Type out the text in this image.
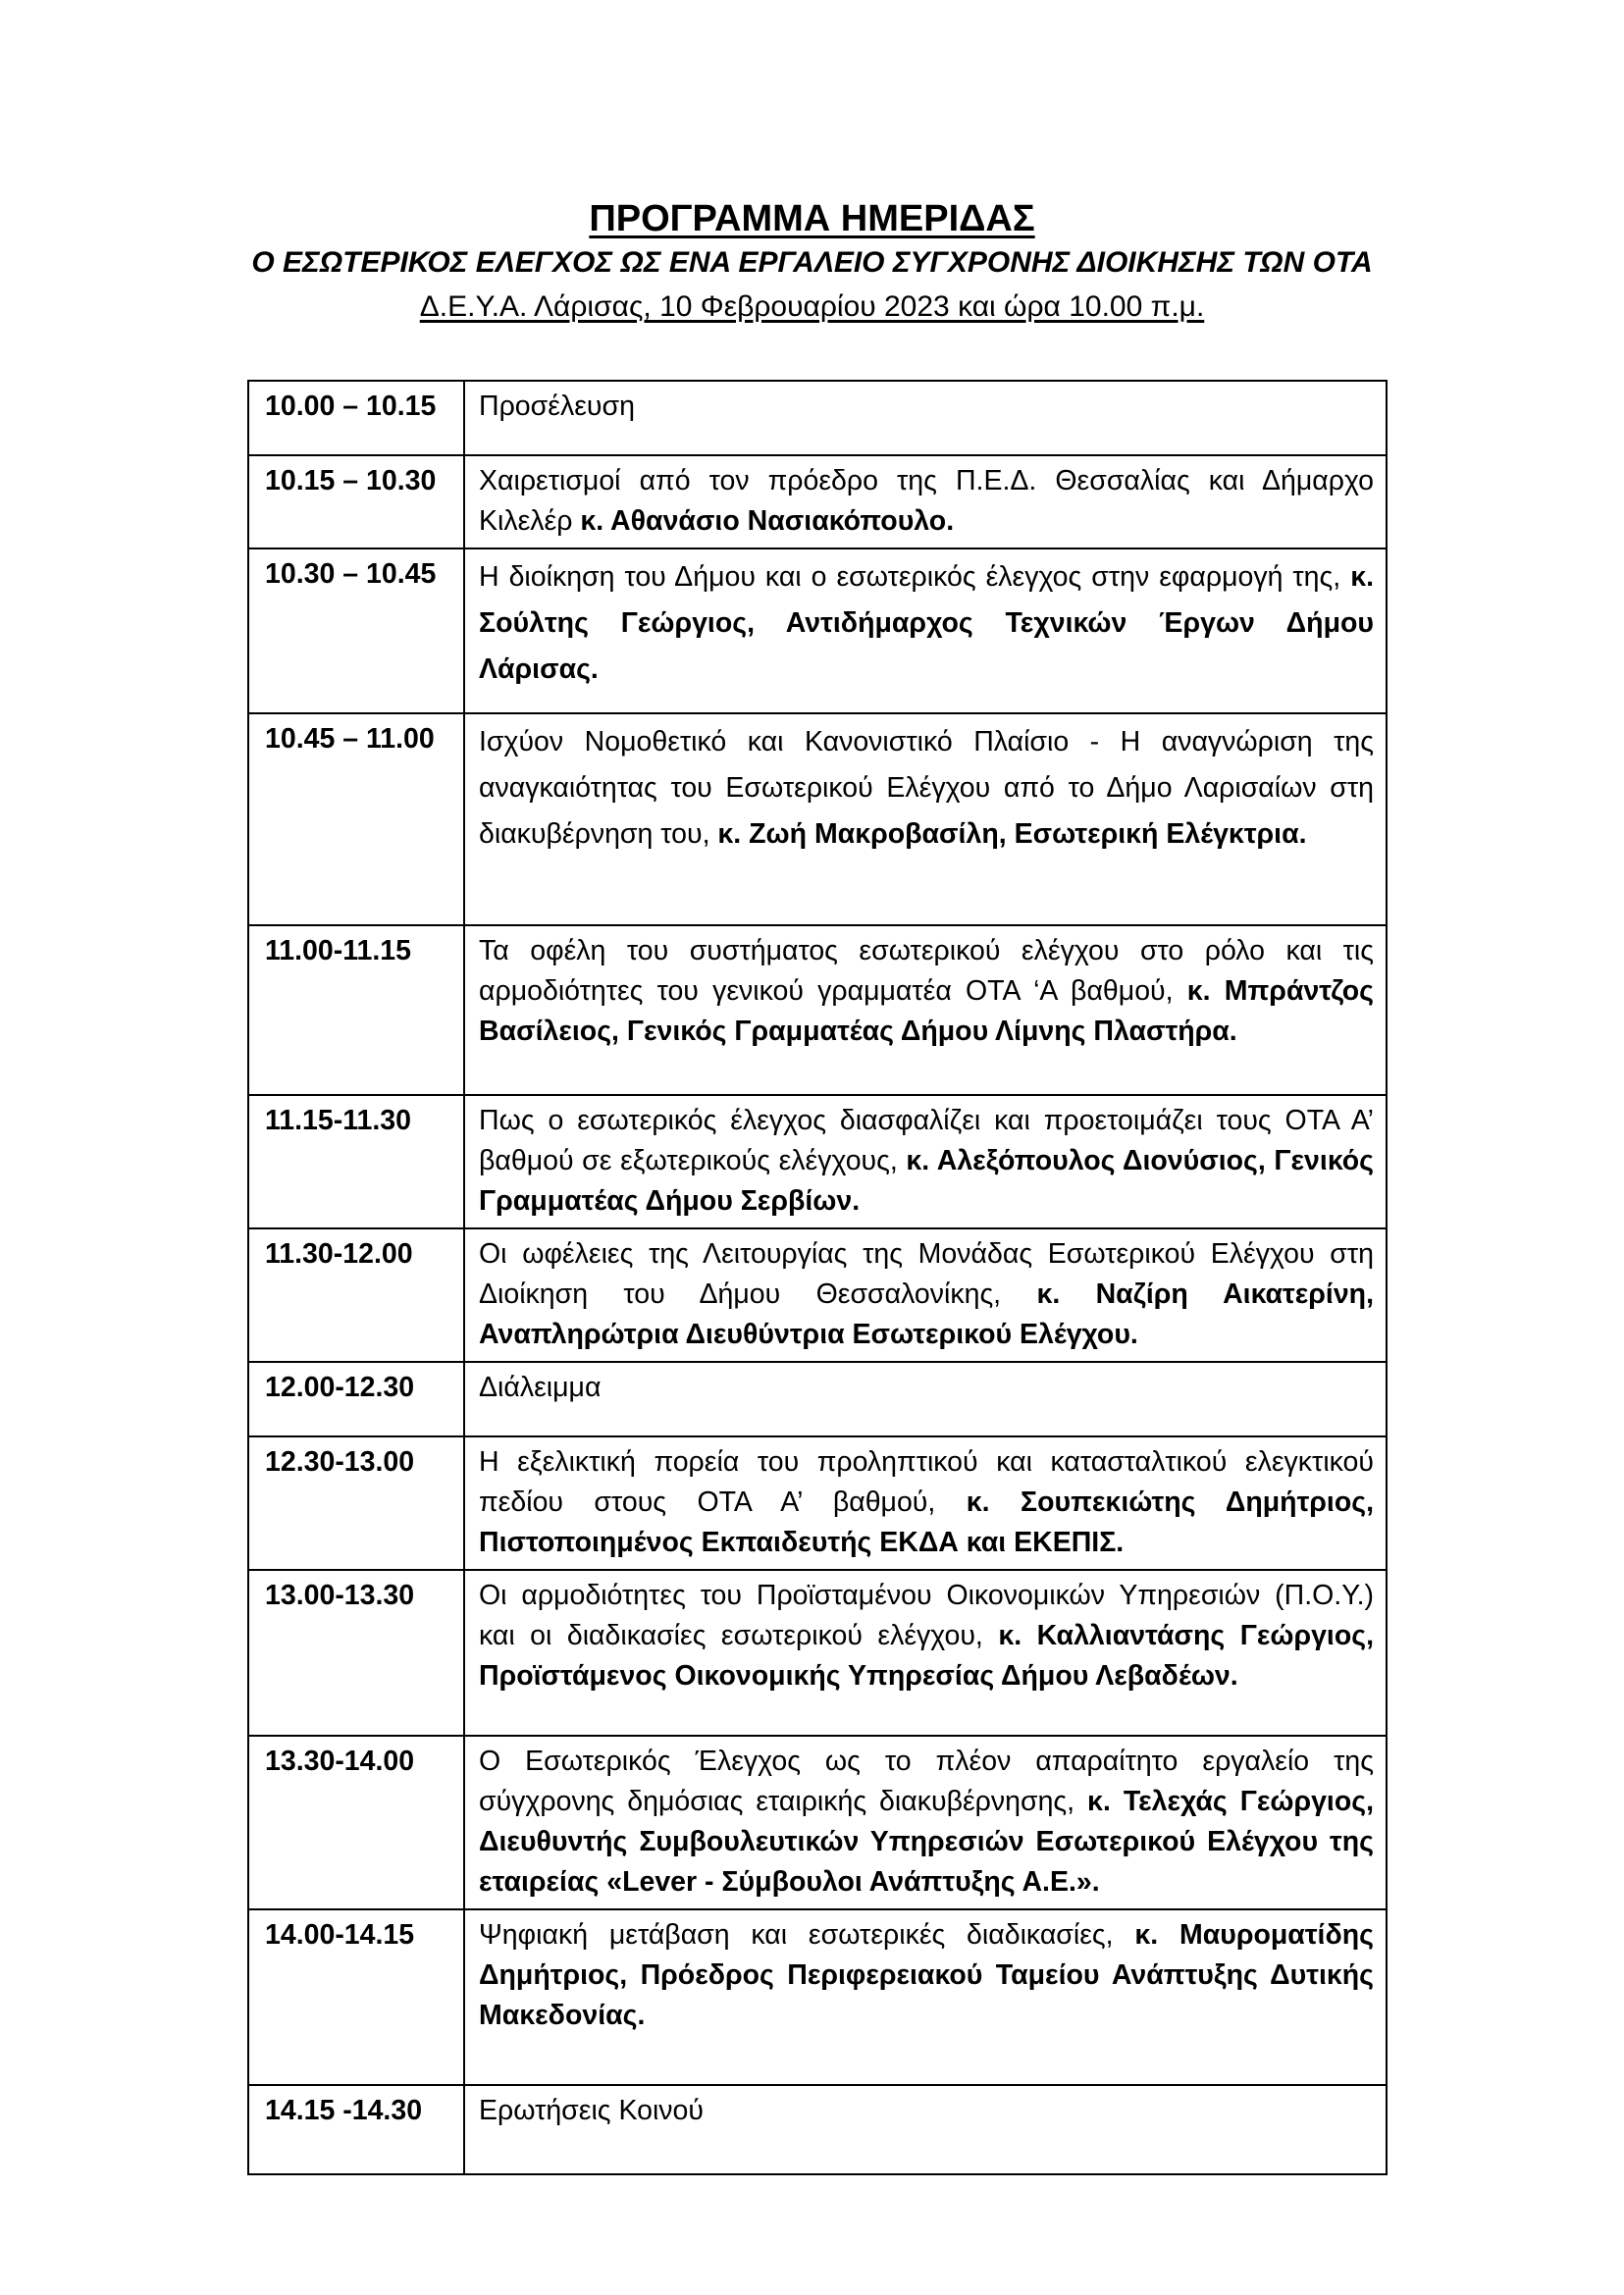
ΠΡΟΓΡΑΜΜΑ ΗΜΕΡΙΔΑΣ

Ο ΕΣΩΤΕΡΙΚΟΣ ΕΛΕΓΧΟΣ ΩΣ ΕΝΑ ΕΡΓΑΛΕΙΟ ΣΥΓΧΡΟΝΗΣ ΔΙΟΙΚΗΣΗΣ ΤΩΝ ΟΤΑ

Δ.Ε.Υ.Α. Λάρισας, 10 Φεβρουαρίου 2023 και ώρα 10.00 π.μ.

10.00 – 10.15	Προσέλευση
10.15 – 10.30	Χαιρετισμοί από τον πρόεδρο της Π.Ε.Δ. Θεσσαλίας και Δήμαρχο Κιλελέρ κ. Αθανάσιο Νασιακόπουλο.
10.30 – 10.45	Η διοίκηση του Δήμου και ο εσωτερικός έλεγχος στην εφαρμογή της, κ. Σούλτης Γεώργιος, Αντιδήμαρχος Τεχνικών Έργων Δήμου Λάρισας.
10.45 – 11.00	Ισχύον Νομοθετικό και Κανονιστικό Πλαίσιο - Η αναγνώριση της αναγκαιότητας του Εσωτερικού Ελέγχου από το Δήμο Λαρισαίων στη διακυβέρνηση του, κ. Ζωή Μακροβασίλη, Εσωτερική Ελέγκτρια.
11.00-11.15	Τα οφέλη του συστήματος εσωτερικού ελέγχου στο ρόλο και τις αρμοδιότητες του γενικού γραμματέα ΟΤΑ ‘Α βαθμού, κ. Μπράντζος Βασίλειος, Γενικός Γραμματέας Δήμου Λίμνης Πλαστήρα.
11.15-11.30	Πως ο εσωτερικός έλεγχος διασφαλίζει και προετοιμάζει τους ΟΤΑ Α’ βαθμού σε εξωτερικούς ελέγχους, κ. Αλεξόπουλος Διονύσιος, Γενικός Γραμματέας Δήμου Σερβίων.
11.30-12.00	Οι ωφέλειες της Λειτουργίας της Μονάδας Εσωτερικού Ελέγχου στη Διοίκηση του Δήμου Θεσσαλονίκης, κ. Ναζίρη Αικατερίνη, Αναπληρώτρια Διευθύντρια Εσωτερικού Ελέγχου.
12.00-12.30	Διάλειμμα
12.30-13.00	Η εξελικτική πορεία του προληπτικού και κατασταλτικού ελεγκτικού πεδίου στους ΟΤΑ Α’ βαθμού, κ. Σουπεκιώτης Δημήτριος, Πιστοποιημένος Εκπαιδευτής ΕΚΔΑ και ΕΚΕΠΙΣ.
13.00-13.30	Οι αρμοδιότητες του Προϊσταμένου Οικονομικών Υπηρεσιών (Π.Ο.Υ.) και οι διαδικασίες εσωτερικού ελέγχου, κ. Καλλιαντάσης Γεώργιος, Προϊστάμενος Οικονομικής Υπηρεσίας Δήμου Λεβαδέων.
13.30-14.00	Ο Εσωτερικός Έλεγχος ως το πλέον απαραίτητο εργαλείο της σύγχρονης δημόσιας εταιρικής διακυβέρνησης, κ. Τελεχάς Γεώργιος, Διευθυντής Συμβουλευτικών Υπηρεσιών Εσωτερικού Ελέγχου της εταιρείας «Lever - Σύμβουλοι Ανάπτυξης Α.Ε.».
14.00-14.15	Ψηφιακή μετάβαση και εσωτερικές διαδικασίες, κ. Μαυροματίδης Δημήτριος, Πρόεδρος Περιφερειακού Ταμείου Ανάπτυξης Δυτικής Μακεδονίας.
14.15 -14.30	Ερωτήσεις Κοινού
